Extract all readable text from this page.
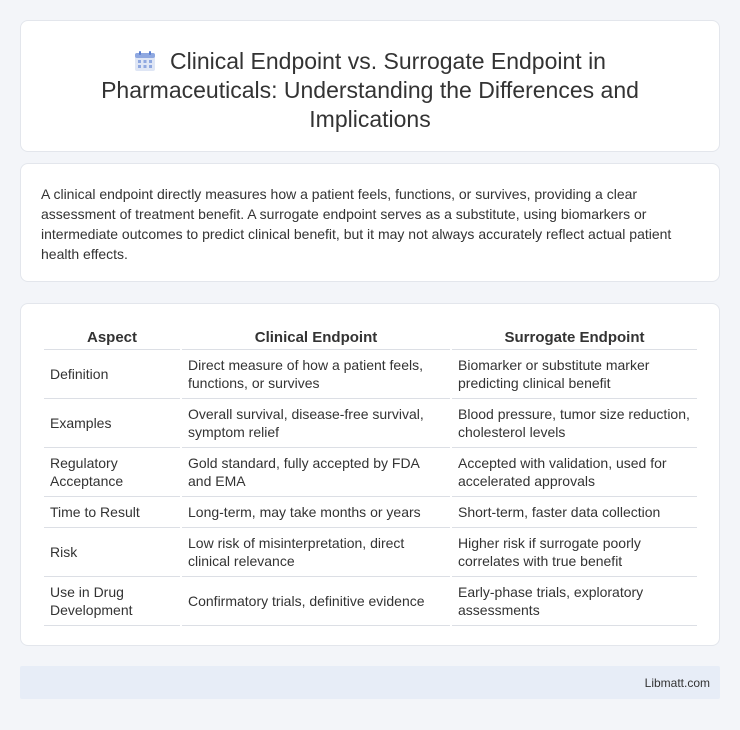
Clinical Endpoint vs. Surrogate Endpoint in Pharmaceuticals: Understanding the Differences and Implications

A clinical endpoint directly measures how a patient feels, functions, or survives, providing a clear assessment of treatment benefit. A surrogate endpoint serves as a substitute, using biomarkers or intermediate outcomes to predict clinical benefit, but it may not always accurately reflect actual patient health effects.

Aspect	Clinical Endpoint	Surrogate Endpoint
Definition	Direct measure of how a patient feels, functions, or survives	Biomarker or substitute marker predicting clinical benefit
Examples	Overall survival, disease-free survival, symptom relief	Blood pressure, tumor size reduction, cholesterol levels
Regulatory Acceptance	Gold standard, fully accepted by FDA and EMA	Accepted with validation, used for accelerated approvals
Time to Result	Long-term, may take months or years	Short-term, faster data collection
Risk	Low risk of misinterpretation, direct clinical relevance	Higher risk if surrogate poorly correlates with true benefit
Use in Drug Development	Confirmatory trials, definitive evidence	Early-phase trials, exploratory assessments
Libmatt.com
